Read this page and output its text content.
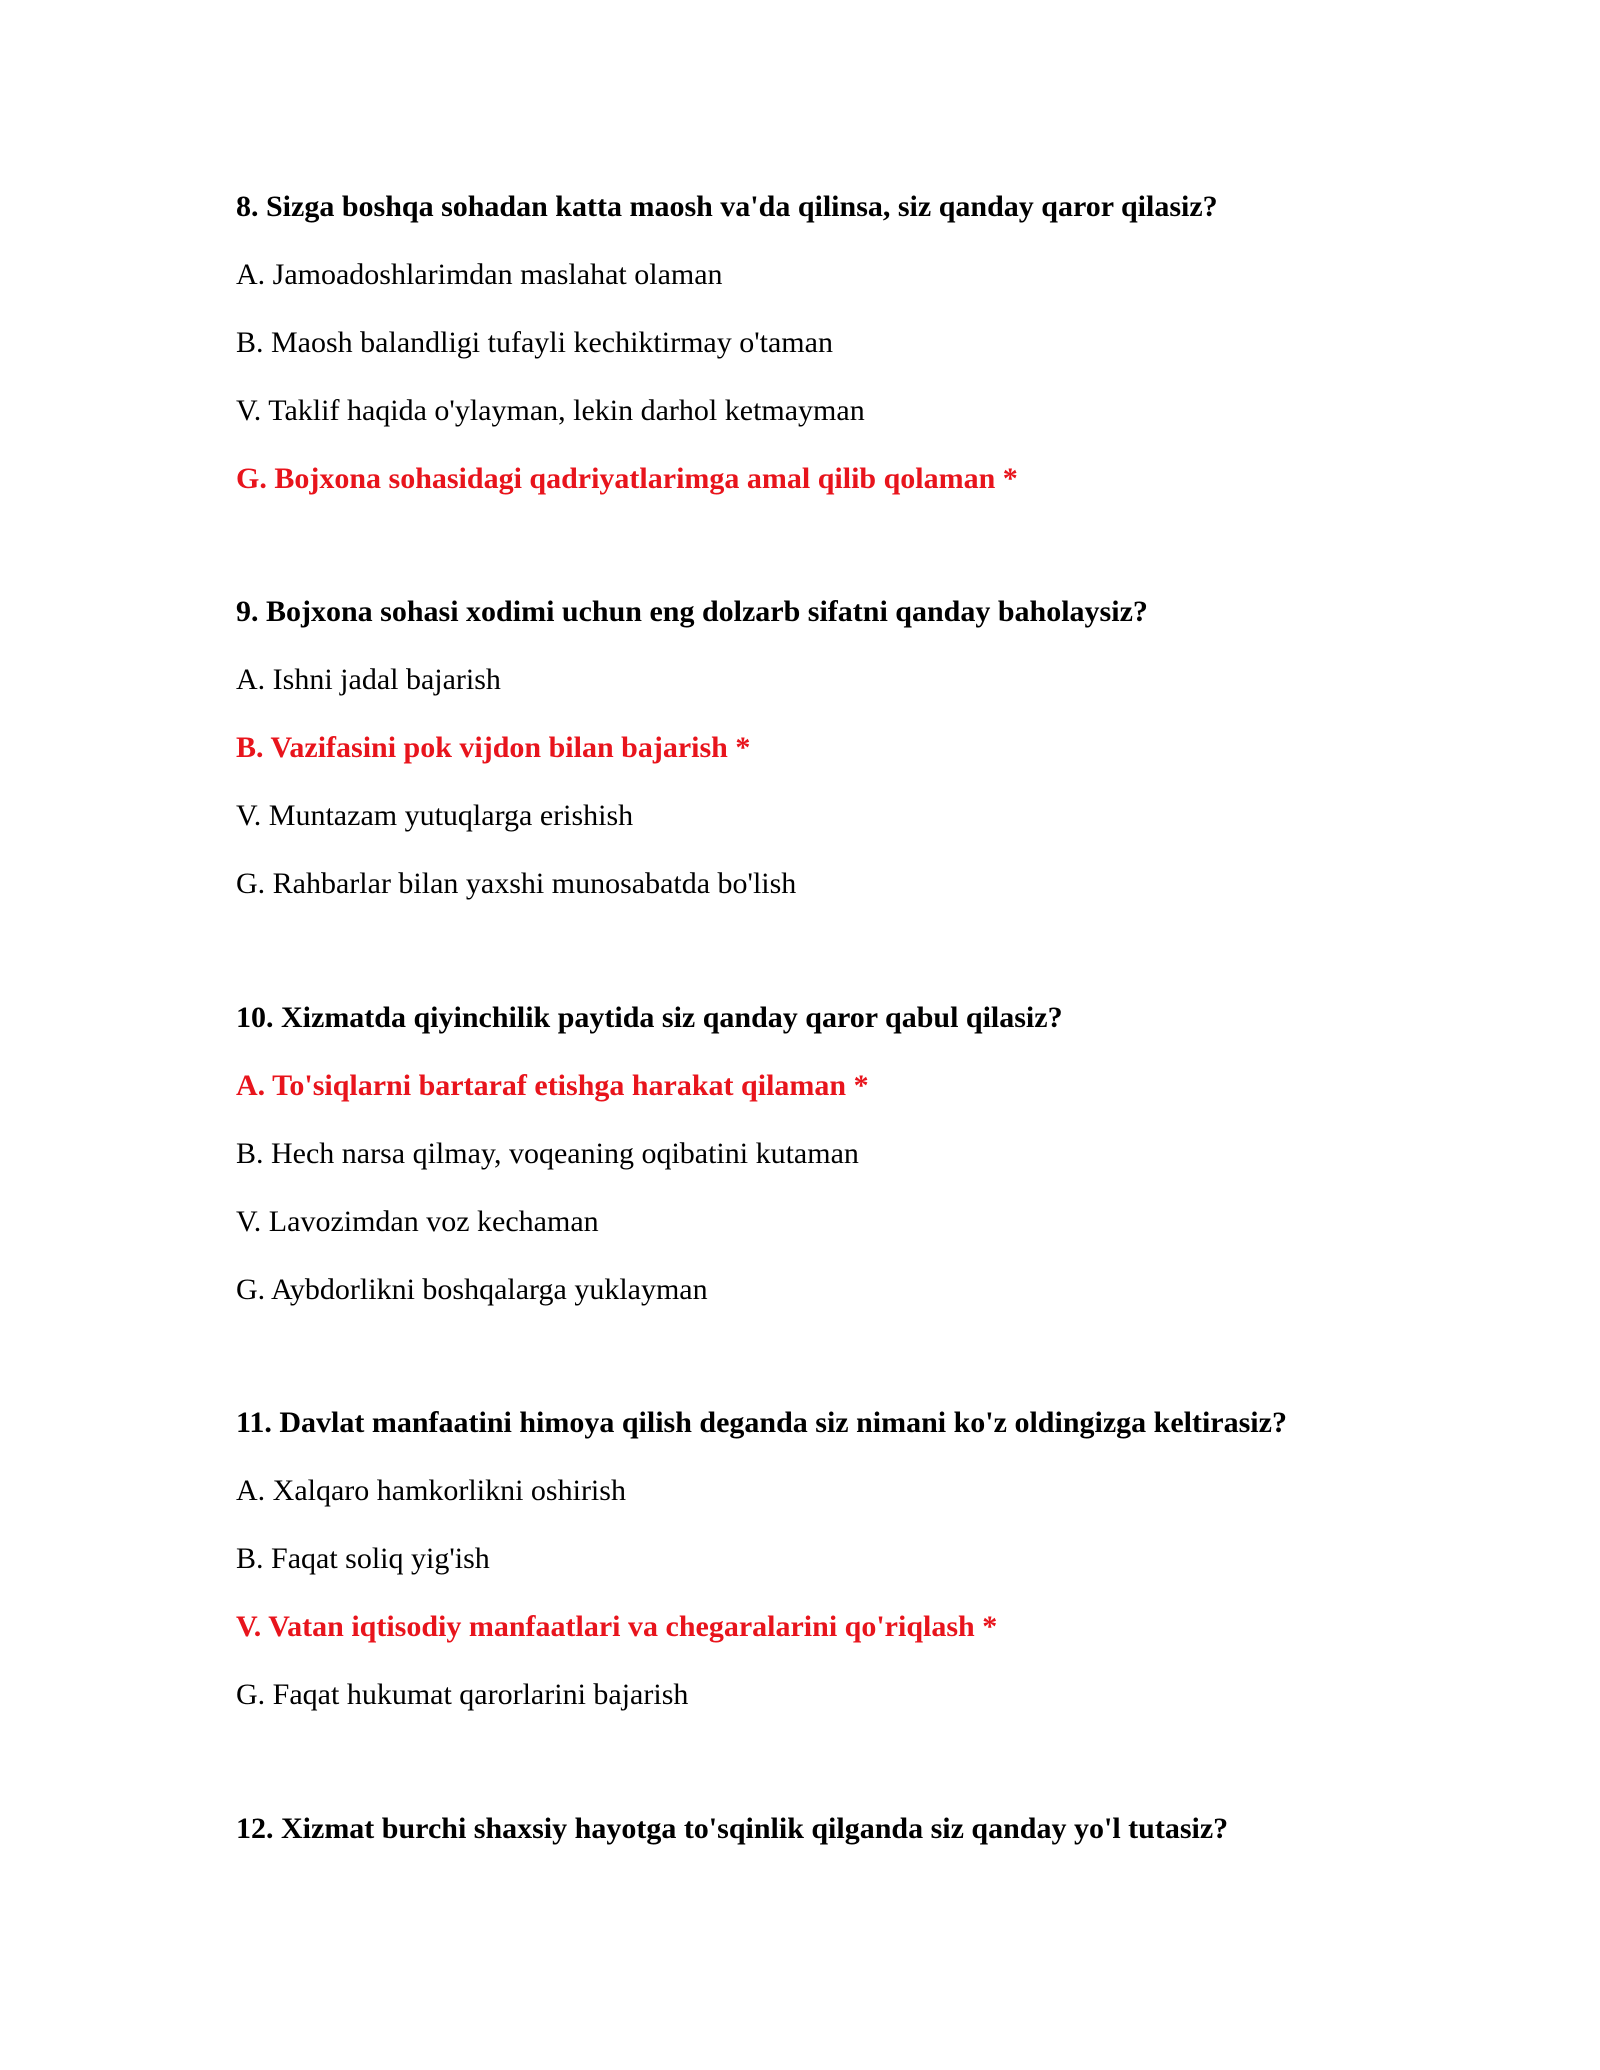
8. Sizga boshqa sohadan katta maosh va'da qilinsa, siz qanday qaror qilasiz?

A. Jamoadoshlarimdan maslahat olaman

B. Maosh balandligi tufayli kechiktirmay o'taman

V. Taklif haqida o'ylayman, lekin darhol ketmayman

G. Bojxona sohasidagi qadriyatlarimga amal qilib qolaman *

9. Bojxona sohasi xodimi uchun eng dolzarb sifatni qanday baholaysiz?

A. Ishni jadal bajarish

B. Vazifasini pok vijdon bilan bajarish *

V. Muntazam yutuqlarga erishish

G. Rahbarlar bilan yaxshi munosabatda bo'lish

10. Xizmatda qiyinchilik paytida siz qanday qaror qabul qilasiz?

A. To'siqlarni bartaraf etishga harakat qilaman *

B. Hech narsa qilmay, voqeaning oqibatini kutaman

V. Lavozimdan voz kechaman

G. Aybdorlikni boshqalarga yuklayman

11. Davlat manfaatini himoya qilish deganda siz nimani ko'z oldingizga keltirasiz?

A. Xalqaro hamkorlikni oshirish

B. Faqat soliq yig'ish

V. Vatan iqtisodiy manfaatlari va chegaralarini qo'riqlash *

G. Faqat hukumat qarorlarini bajarish

12. Xizmat burchi shaxsiy hayotga to'sqinlik qilganda siz qanday yo'l tutasiz?
